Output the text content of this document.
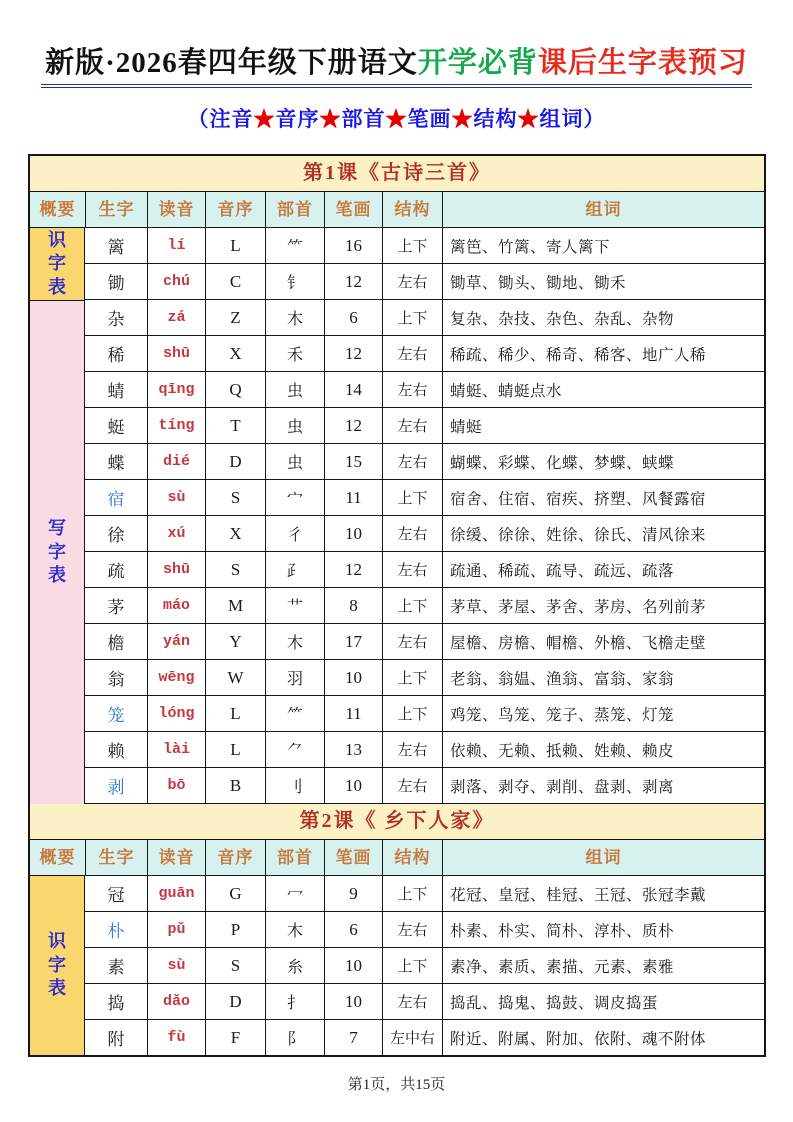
新版·2026春四年级下册语文开学必背课后生字表预习
（注音★音序★部首★笔画★结构★组词）
第1课《古诗三首》
概要	生字	读音	音序	部首	笔画	结构	组词
识字表
写字表
篱	lí	L	⺮	16	上下	篱笆、竹篱、寄人篱下
锄	chú	C	钅	12	左右	锄草、锄头、锄地、锄禾
杂	zá	Z	木	6	上下	复杂、杂技、杂色、杂乱、杂物
稀	shū	X	禾	12	左右	稀疏、稀少、稀奇、稀客、地广人稀
蜻	qīng	Q	虫	14	左右	蜻蜓、蜻蜓点水
蜓	tíng	T	虫	12	左右	蜻蜓
蝶	dié	D	虫	15	左右	蝴蝶、彩蝶、化蝶、梦蝶、蛱蝶
宿	sù	S	宀	11	上下	宿舍、住宿、宿疾、挤塑、风餐露宿
徐	xú	X	彳	10	左右	徐缓、徐徐、姓徐、徐氏、清风徐来
疏	shū	S	⺪	12	左右	疏通、稀疏、疏导、疏远、疏落
茅	máo	M	艹	8	上下	茅草、茅屋、茅舍、茅房、名列前茅
檐	yán	Y	木	17	左右	屋檐、房檐、帽檐、外檐、飞檐走壁
翁	wēng	W	羽	10	上下	老翁、翁媪、渔翁、富翁、家翁
笼	lóng	L	⺮	11	上下	鸡笼、鸟笼、笼子、蒸笼、灯笼
赖	lài	L	⺈	13	左右	依赖、无赖、抵赖、姓赖、赖皮
剥	bō	B	刂	10	左右	剥落、剥夺、剥削、盘剥、剥离
第2课《 乡下人家》
概要	生字	读音	音序	部首	笔画	结构	组词
识字表
冠	guān	G	冖	9	上下	花冠、皇冠、桂冠、王冠、张冠李戴
朴	pǔ	P	木	6	左右	朴素、朴实、简朴、淳朴、质朴
素	sù	S	糸	10	上下	素净、素质、素描、元素、素雅
捣	dǎo	D	扌	10	左右	捣乱、捣鬼、捣鼓、调皮捣蛋
附	fù	F	阝	7	左中右 附近、附属、附加、依附、魂不附体
第1页，共15页
